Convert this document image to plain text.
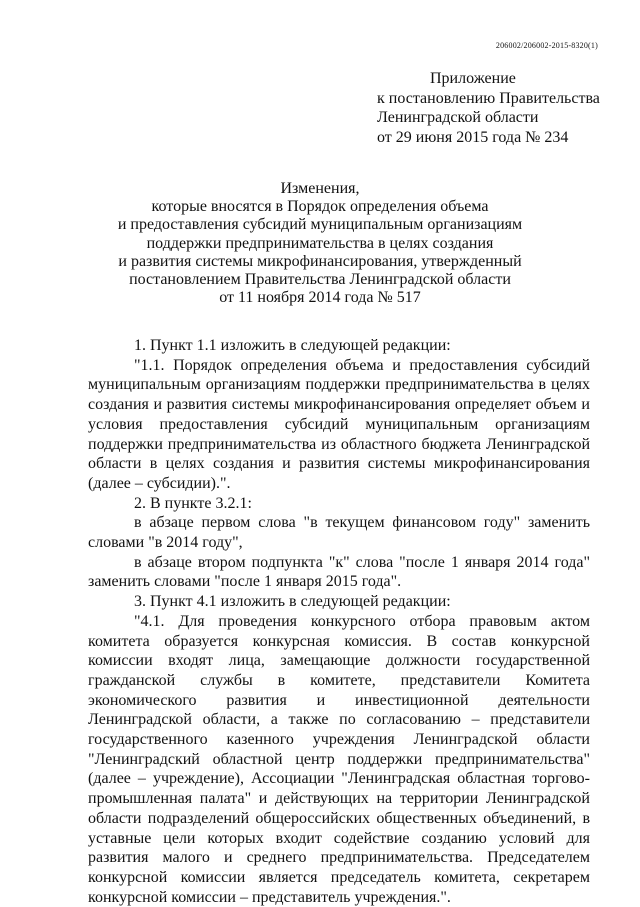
206002/206002-2015-8320(1)
Приложение
к постановлению Правительства
Ленинградской области
от 29 июня 2015 года № 234
Изменения,
которые вносятся в Порядок определения объема
и предоставления субсидий муниципальным организациям
поддержки предпринимательства в целях создания
и развития системы микрофинансирования, утвержденный
постановлением Правительства Ленинградской области
от 11 ноября 2014 года № 517

1. Пункт 1.1 изложить в следующей редакции:

"1.1. Порядок определения объема и предоставления субсидий муниципальным организациям поддержки предпринимательства в целях создания и развития системы микрофинансирования определяет объем и условия предоставления субсидий муниципальным организациям поддержки предпринимательства из областного бюджета Ленинградской области в целях создания и развития системы микрофинансирования (далее – субсидии).".

2. В пункте 3.2.1:

в абзаце первом слова "в текущем финансовом году" заменить словами "в 2014 году",

в абзаце втором подпункта "к" слова "после 1 января 2014 года" заменить словами "после 1 января 2015 года".

3. Пункт 4.1 изложить в следующей редакции:

"4.1. Для проведения конкурсного отбора правовым актом комитета образуется конкурсная комиссия. В состав конкурсной комиссии входят лица, замещающие должности государственной гражданской службы в комитете, представители Комитета экономического развития и инвестиционной деятельности Ленинградской области, а также по согласованию – представители государственного казенного учреждения Ленинградской области "Ленинградский областной центр поддержки предпринимательства" (далее – учреждение), Ассоциации "Ленинградская областная торгово-промышленная палата" и действующих на территории Ленинградской области подразделений общероссийских общественных объединений, в уставные цели которых входит содействие созданию условий для развития малого и среднего предпринимательства. Председателем конкурсной комиссии является председатель комитета, секретарем конкурсной комиссии – представитель учреждения.".
